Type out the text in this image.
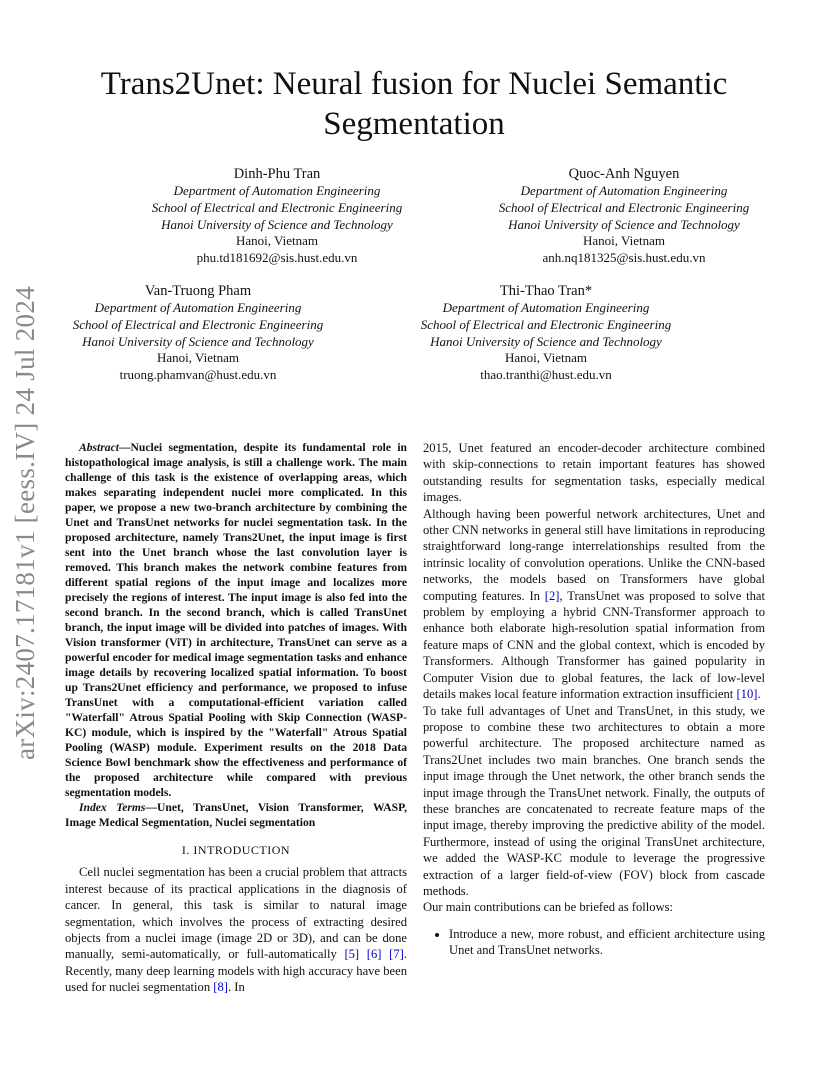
arXiv:2407.17181v1 [eess.IV] 24 Jul 2024
Trans2Unet: Neural fusion for Nuclei Semantic Segmentation
Dinh-Phu Tran
Department of Automation Engineering
School of Electrical and Electronic Engineering
Hanoi University of Science and Technology
Hanoi, Vietnam
phu.td181692@sis.hust.edu.vn
Quoc-Anh Nguyen
Department of Automation Engineering
School of Electrical and Electronic Engineering
Hanoi University of Science and Technology
Hanoi, Vietnam
anh.nq181325@sis.hust.edu.vn
Van-Truong Pham
Department of Automation Engineering
School of Electrical and Electronic Engineering
Hanoi University of Science and Technology
Hanoi, Vietnam
truong.phamvan@hust.edu.vn
Thi-Thao Tran*
Department of Automation Engineering
School of Electrical and Electronic Engineering
Hanoi University of Science and Technology
Hanoi, Vietnam
thao.tranthi@hust.edu.vn

Abstract—Nuclei segmentation, despite its fundamental role in histopathological image analysis, is still a challenge work. The main challenge of this task is the existence of overlapping areas, which makes separating independent nuclei more complicated. In this paper, we propose a new two-branch architecture by combining the Unet and TransUnet networks for nuclei segmentation task. In the proposed architecture, namely Trans2Unet, the input image is first sent into the Unet branch whose the last convolution layer is removed. This branch makes the network combine features from different spatial regions of the input image and localizes more precisely the regions of interest. The input image is also fed into the second branch. In the second branch, which is called TransUnet branch, the input image will be divided into patches of images. With Vision transformer (ViT) in architecture, TransUnet can serve as a powerful encoder for medical image segmentation tasks and enhance image details by recovering localized spatial information. To boost up Trans2Unet efficiency and performance, we proposed to infuse TransUnet with a computational-efficient variation called "Waterfall" Atrous Spatial Pooling with Skip Connection (WASP-KC) module, which is inspired by the "Waterfall" Atrous Spatial Pooling (WASP) module. Experiment results on the 2018 Data Science Bowl benchmark show the effectiveness and performance of the proposed architecture while compared with previous segmentation models.

Index Terms—Unet, TransUnet, Vision Transformer, WASP, Image Medical Segmentation, Nuclei segmentation

I. INTRODUCTION

Cell nuclei segmentation has been a crucial problem that attracts interest because of its practical applications in the diagnosis of cancer. In general, this task is similar to natural image segmentation, which involves the process of extracting desired objects from a nuclei image (image 2D or 3D), and can be done manually, semi-automatically, or full-automatically [5] [6] [7]. Recently, many deep learning models with high accuracy have been used for nuclei segmentation [8]. In

2015, Unet featured an encoder-decoder architecture combined with skip-connections to retain important features has showed outstanding results for segmentation tasks, especially medical images.

Although having been powerful network architectures, Unet and other CNN networks in general still have limitations in reproducing straightforward long-range interrelationships resulted from the intrinsic locality of convolution operations. Unlike the CNN-based networks, the models based on Transformers have global computing features. In [2], TransUnet was proposed to solve that problem by employing a hybrid CNN-Transformer approach to enhance both elaborate high-resolution spatial information from feature maps of CNN and the global context, which is encoded by Transformers. Although Transformer has gained popularity in Computer Vision due to global features, the lack of low-level details makes local feature information extraction insufficient [10].

To take full advantages of Unet and TransUnet, in this study, we propose to combine these two architectures to obtain a more powerful architecture. The proposed architecture named as Trans2Unet includes two main branches. One branch sends the input image through the Unet network, the other branch sends the input image through the TransUnet network. Finally, the outputs of these branches are concatenated to recreate feature maps of the input image, thereby improving the predictive ability of the model. Furthermore, instead of using the original TransUnet architecture, we added the WASP-KC module to leverage the progressive extraction of a larger field-of-view (FOV) block from cascade methods.

Our main contributions can be briefed as follows:

• Introduce a new, more robust, and efficient architecture using Unet and TransUnet networks.
